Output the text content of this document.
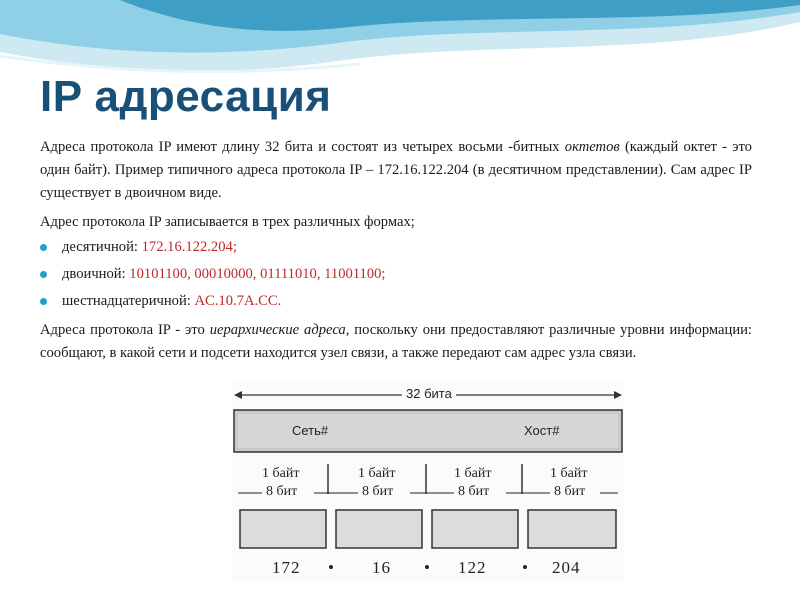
IP адресация

Адреса протокола IP имеют длину 32 бита и состоят из четырех восьми -битных октетов (каждый октет - это один байт). Пример типичного адреса протокола IP – 172.16.122.204 (в десятичном представлении). Сам адрес IP существует в двоичном виде.

Адрес протокола IP записывается в трех различных формах;

десятичной: 172.16.122.204;
двоичной: 10101100, 00010000, 01111010, 11001100;
шестнадцатеричной: AC.10.7A.CC.

Адреса протокола IP - это иерархические адреса, поскольку они предоставляют различные уровни информации: сообщают, в какой сети и подсети находится узел связи, а также передают сам адрес узла связи.

32 бита
Сеть#	Хост#
1 байт	1 байт	1 байт	1 байт
8 бит	8 бит	8 бит	8 бит
172 • 16 • 122 • 204
